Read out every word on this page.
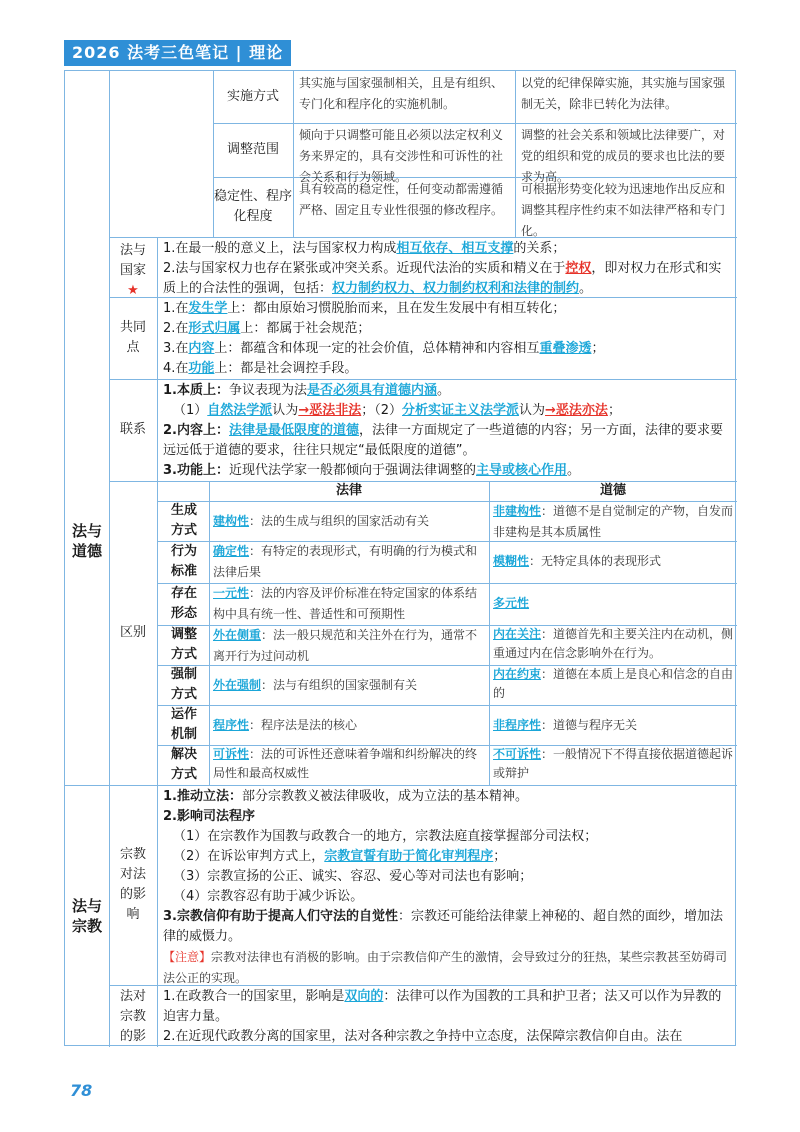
2026 法考三色笔记 | 理论
实施方式
其实施与国家强制相关，且是有组织、专门化和程序化的实施机制。
以党的纪律保障实施，其实施与国家强制无关，除非已转化为法律。
调整范围
倾向于只调整可能且必须以法定权利义务来界定的，具有交涉性和可诉性的社会关系和行为领域。
调整的社会关系和领域比法律要广，对党的组织和党的成员的要求也比法的要求为高。
稳定性、程序化程度
具有较高的稳定性，任何变动都需遵循严格、固定且专业性很强的修改程序。
可根据形势变化较为迅速地作出反应和调整其程序性约束不如法律严格和专门化。
法与国家
★

1.在最一般的意义上，法与国家权力构成相互依存、相互支撑的关系；

2.法与国家权力也存在紧张或冲突关系。近现代法治的实质和精义在于控权，即对权力在形式和实质上的合法性的强调，包括：权力制约权力、权力制约权利和法律的制约。

共同点

1.在发生学上：都由原始习惯脱胎而来，且在发生发展中有相互转化；

2.在形式归属上：都属于社会规范；

3.在内容上：都蕴含和体现一定的社会价值，总体精神和内容相互重叠渗透；

4.在功能上：都是社会调控手段。

联系

1.本质上：争议表现为法是否必须具有道德内涵。

（1）自然法学派认为→恶法非法；（2）分析实证主义法学派认为→恶法亦法；

2.内容上：法律是最低限度的道德，法律一方面规定了一些道德的内容；另一方面，法律的要求要远远低于道德的要求，往往只规定“最低限度的道德”。

3.功能上：近现代法学家一般都倾向于强调法律调整的主导或核心作用。

法与道德
区别
法律	道德
生成方式
建构性：法的生成与组织的国家活动有关
非建构性：道德不是自觉制定的产物，自发而非建构是其本质属性
行为标准
确定性：有特定的表现形式，有明确的行为模式和法律后果
模糊性：无特定具体的表现形式
存在形态
一元性：法的内容及评价标准在特定国家的体系结构中具有统一性、普适性和可预期性
多元性
调整方式
外在侧重：法一般只规范和关注外在行为，通常不离开行为过问动机
内在关注：道德首先和主要关注内在动机，侧重通过内在信念影响外在行为。
强制方式
外在强制：法与有组织的国家强制有关
内在约束：道德在本质上是良心和信念的自由的
运作机制
程序性：程序法是法的核心	非程序性：道德与程序无关
解决方式
可诉性：法的可诉性还意味着争端和纠纷解决的终局性和最高权威性
不可诉性：一般情况下不得直接依据道德起诉或辩护
法与宗教
宗教对法的影响

1.推动立法：部分宗教教义被法律吸收，成为立法的基本精神。

2.影响司法程序

（1）在宗教作为国教与政教合一的地方，宗教法庭直接掌握部分司法权；

（2）在诉讼审判方式上，宗教宣誓有助于简化审判程序；

（3）宗教宣扬的公正、诚实、容忍、爱心等对司法也有影响；

（4）宗教容忍有助于减少诉讼。

3.宗教信仰有助于提高人们守法的自觉性：宗教还可能给法律蒙上神秘的、超自然的面纱，增加法律的威慑力。

【注意】宗教对法律也有消极的影响。由于宗教信仰产生的激情，会导致过分的狂热，某些宗教甚至妨碍司法公正的实现。

法对宗教的影

1.在政教合一的国家里，影响是双向的：法律可以作为国教的工具和护卫者；法又可以作为异教的迫害力量。

2.在近现代政教分离的国家里，法对各种宗教之争持中立态度，法保障宗教信仰自由。法在

78
